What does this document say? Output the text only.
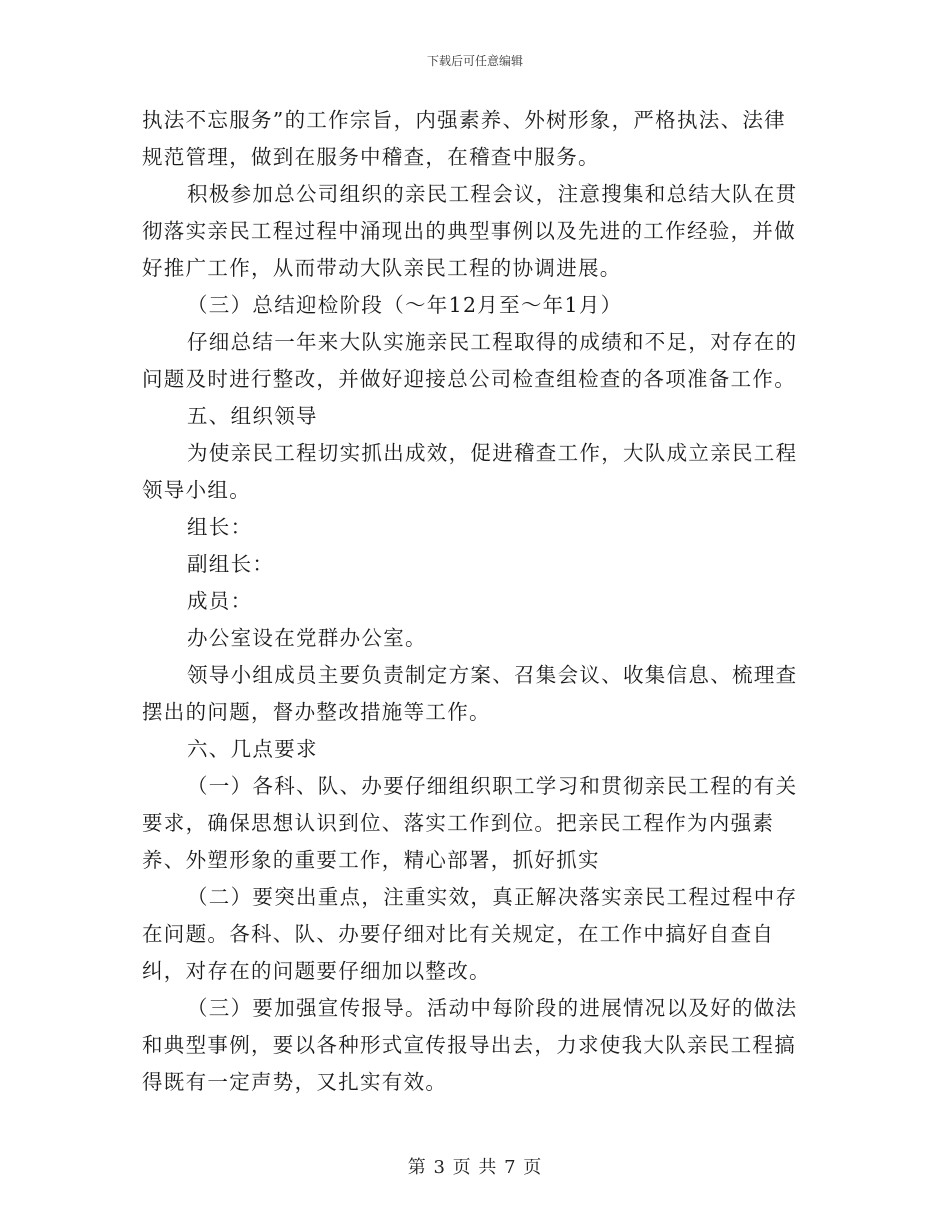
下载后可任意编辑

执法不忘服务”的工作宗旨，内强素养、外树形象，严格执法、法律规范管理，做到在服务中稽查，在稽查中服务。

积极参加总公司组织的亲民工程会议，注意搜集和总结大队在贯彻落实亲民工程过程中涌现出的典型事例以及先进的工作经验，并做好推广工作，从而带动大队亲民工程的协调进展。

（三）总结迎检阶段（～年12月至～年1月）

仔细总结一年来大队实施亲民工程取得的成绩和不足，对存在的问题及时进行整改，并做好迎接总公司检查组检查的各项准备工作。

五、组织领导

为使亲民工程切实抓出成效，促进稽查工作，大队成立亲民工程领导小组。

组长：

副组长：

成员：

办公室设在党群办公室。

领导小组成员主要负责制定方案、召集会议、收集信息、梳理查摆出的问题，督办整改措施等工作。

六、几点要求

（一）各科、队、办要仔细组织职工学习和贯彻亲民工程的有关要求，确保思想认识到位、落实工作到位。把亲民工程作为内强素养、外塑形象的重要工作，精心部署，抓好抓实

（二）要突出重点，注重实效，真正解决落实亲民工程过程中存在问题。各科、队、办要仔细对比有关规定，在工作中搞好自查自纠，对存在的问题要仔细加以整改。

（三）要加强宣传报导。活动中每阶段的进展情况以及好的做法和典型事例，要以各种形式宣传报导出去，力求使我大队亲民工程搞得既有一定声势，又扎实有效。

第 3 页 共 7 页
